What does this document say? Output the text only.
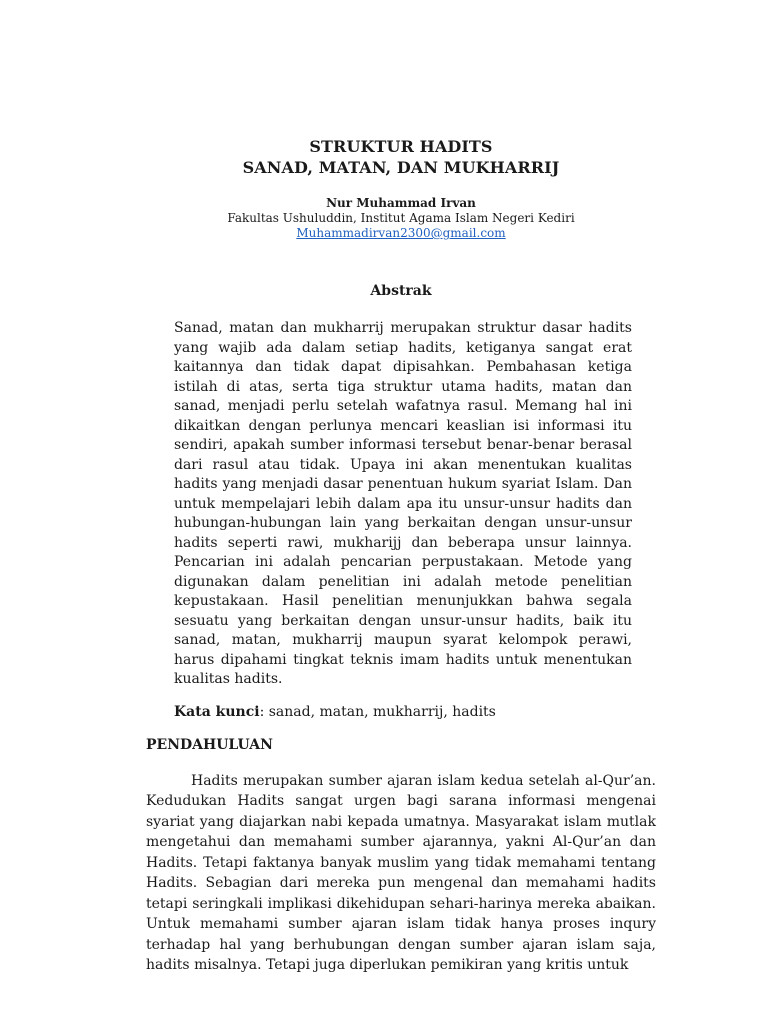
STRUKTUR HADITS
SANAD, MATAN, DAN MUKHARRIJ
Nur Muhammad Irvan
Fakultas Ushuluddin, Institut Agama Islam Negeri Kediri
Muhammadirvan2300@gmail.com
Abstrak

Sanad, matan dan mukharrij merupakan struktur dasar hadits yang wajib ada dalam setiap hadits, ketiganya sangat erat kaitannya dan tidak dapat dipisahkan. Pembahasan ketiga istilah di atas, serta tiga struktur utama hadits, matan dan sanad, menjadi perlu setelah wafatnya rasul. Memang hal ini dikaitkan dengan perlunya mencari keaslian isi informasi itu sendiri, apakah sumber informasi tersebut benar-benar berasal dari rasul atau tidak. Upaya ini akan menentukan kualitas hadits yang menjadi dasar penentuan hukum syariat Islam. Dan untuk mempelajari lebih dalam apa itu unsur-unsur hadits dan hubungan-hubungan lain yang berkaitan dengan unsur-unsur hadits seperti rawi, mukharijj dan beberapa unsur lainnya. Pencarian ini adalah pencarian perpustakaan. Metode yang digunakan dalam penelitian ini adalah metode penelitian kepustakaan. Hasil penelitian menunjukkan bahwa segala sesuatu yang berkaitan dengan unsur-unsur hadits, baik itu sanad, matan, mukharrij maupun syarat kelompok perawi, harus dipahami tingkat teknis imam hadits untuk menentukan kualitas hadits.

Kata kunci: sanad, matan, mukharrij, hadits
PENDAHULUAN

Hadits merupakan sumber ajaran islam kedua setelah al-Qur’an. Kedudukan Hadits sangat urgen bagi sarana informasi mengenai syariat yang diajarkan nabi kepada umatnya. Masyarakat islam mutlak mengetahui dan memahami sumber ajarannya, yakni Al-Qur’an dan Hadits. Tetapi faktanya banyak muslim yang tidak memahami tentang Hadits. Sebagian dari mereka pun mengenal dan memahami hadits tetapi seringkali implikasi dikehidupan sehari-harinya mereka abaikan. Untuk memahami sumber ajaran islam tidak hanya proses inqury terhadap hal yang berhubungan dengan sumber ajaran islam saja, hadits misalnya. Tetapi juga diperlukan pemikiran yang kritis untuk
